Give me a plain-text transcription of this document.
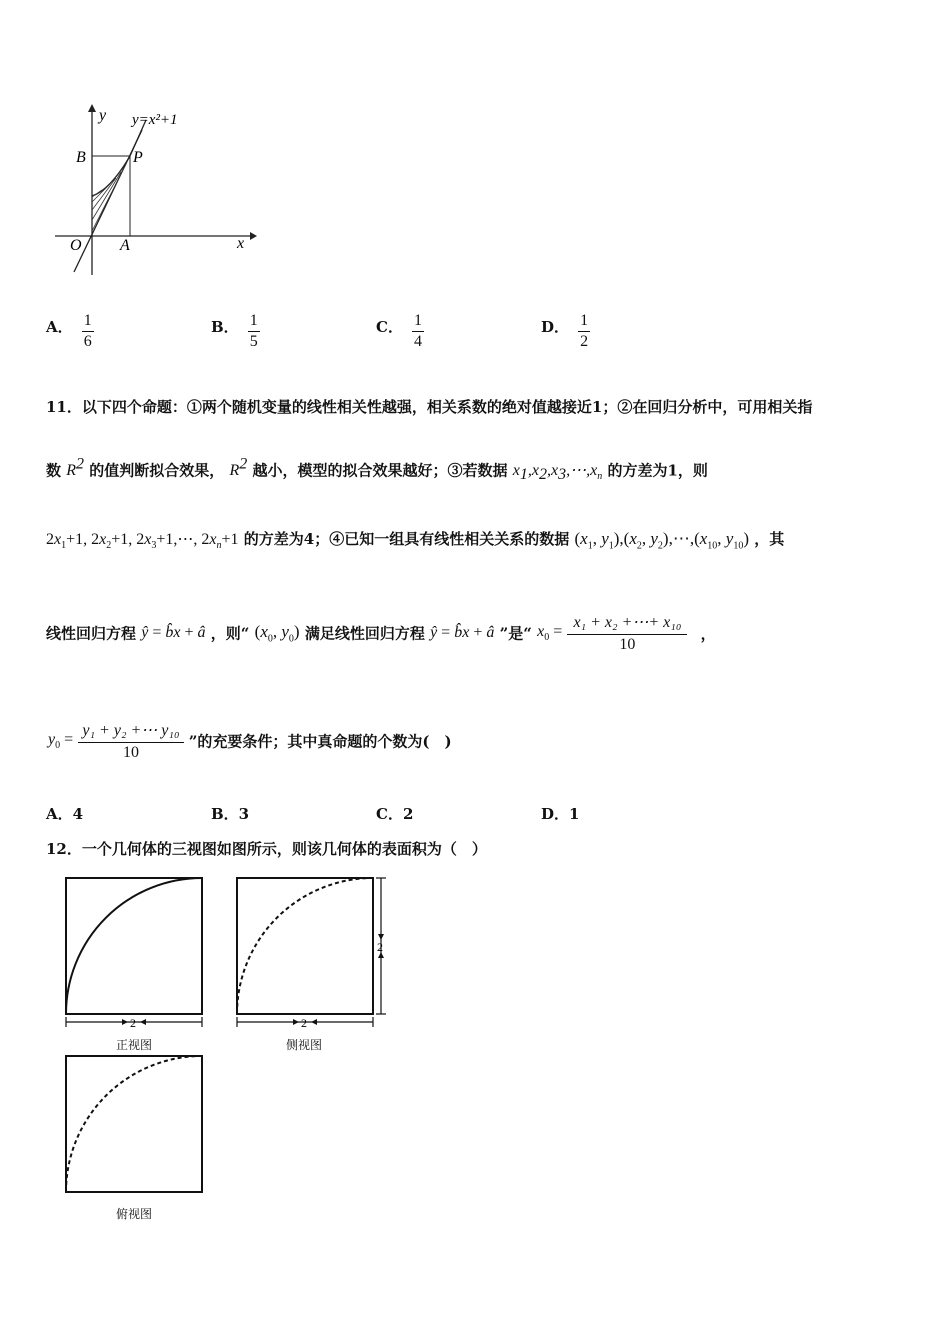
y y=x²+1
B	P
O A	x
A． $\frac{1}{6}$	B． $\frac{1}{5}$	C． $\frac{1}{4}$	D． $\frac{1}{2}$
11．以下四个命题：①两个随机变量的线性相关性越强，相关系数的绝对值越接近1；②在回归分析中，可用相关指
数 $R^2$ 的值判断拟合效果， $R^2$ 越小，模型的拟合效果越好；③若数据 $x_1,x_2,x_3,\cdots,x_n$ 的方差为1，则
$2x_1+1$, $2x_2+1$, $2x_3+1,\cdots$, $2x_n+1$ 的方差为4；④已知一组具有线性相关关系的数据 ($x_1$, $y_1),(x_2$, $y_2),\cdots,(x_{10}$, $y_{10}$) ，其
线性回归方程 ŷ = b̂x + â ，则“ ($x_0$, $y_0$) 满足线性回归方程 ŷ = b̂x + â ”是“ $x_0 = \frac{\text{x₁ + x₂ +⋯+ x₁₀}}{10}$ ，
$y_0 = \frac{\text{y₁ + y₂ +⋯ y₁₀}}{10}$ ”的充要条件；其中真命题的个数为(　)
A．4	B．3	C．2	D．1
12．一个几何体的三视图如图所示，则该几何体的表面积为（　）
2
正视图
2
2
侧视图
俯视图
